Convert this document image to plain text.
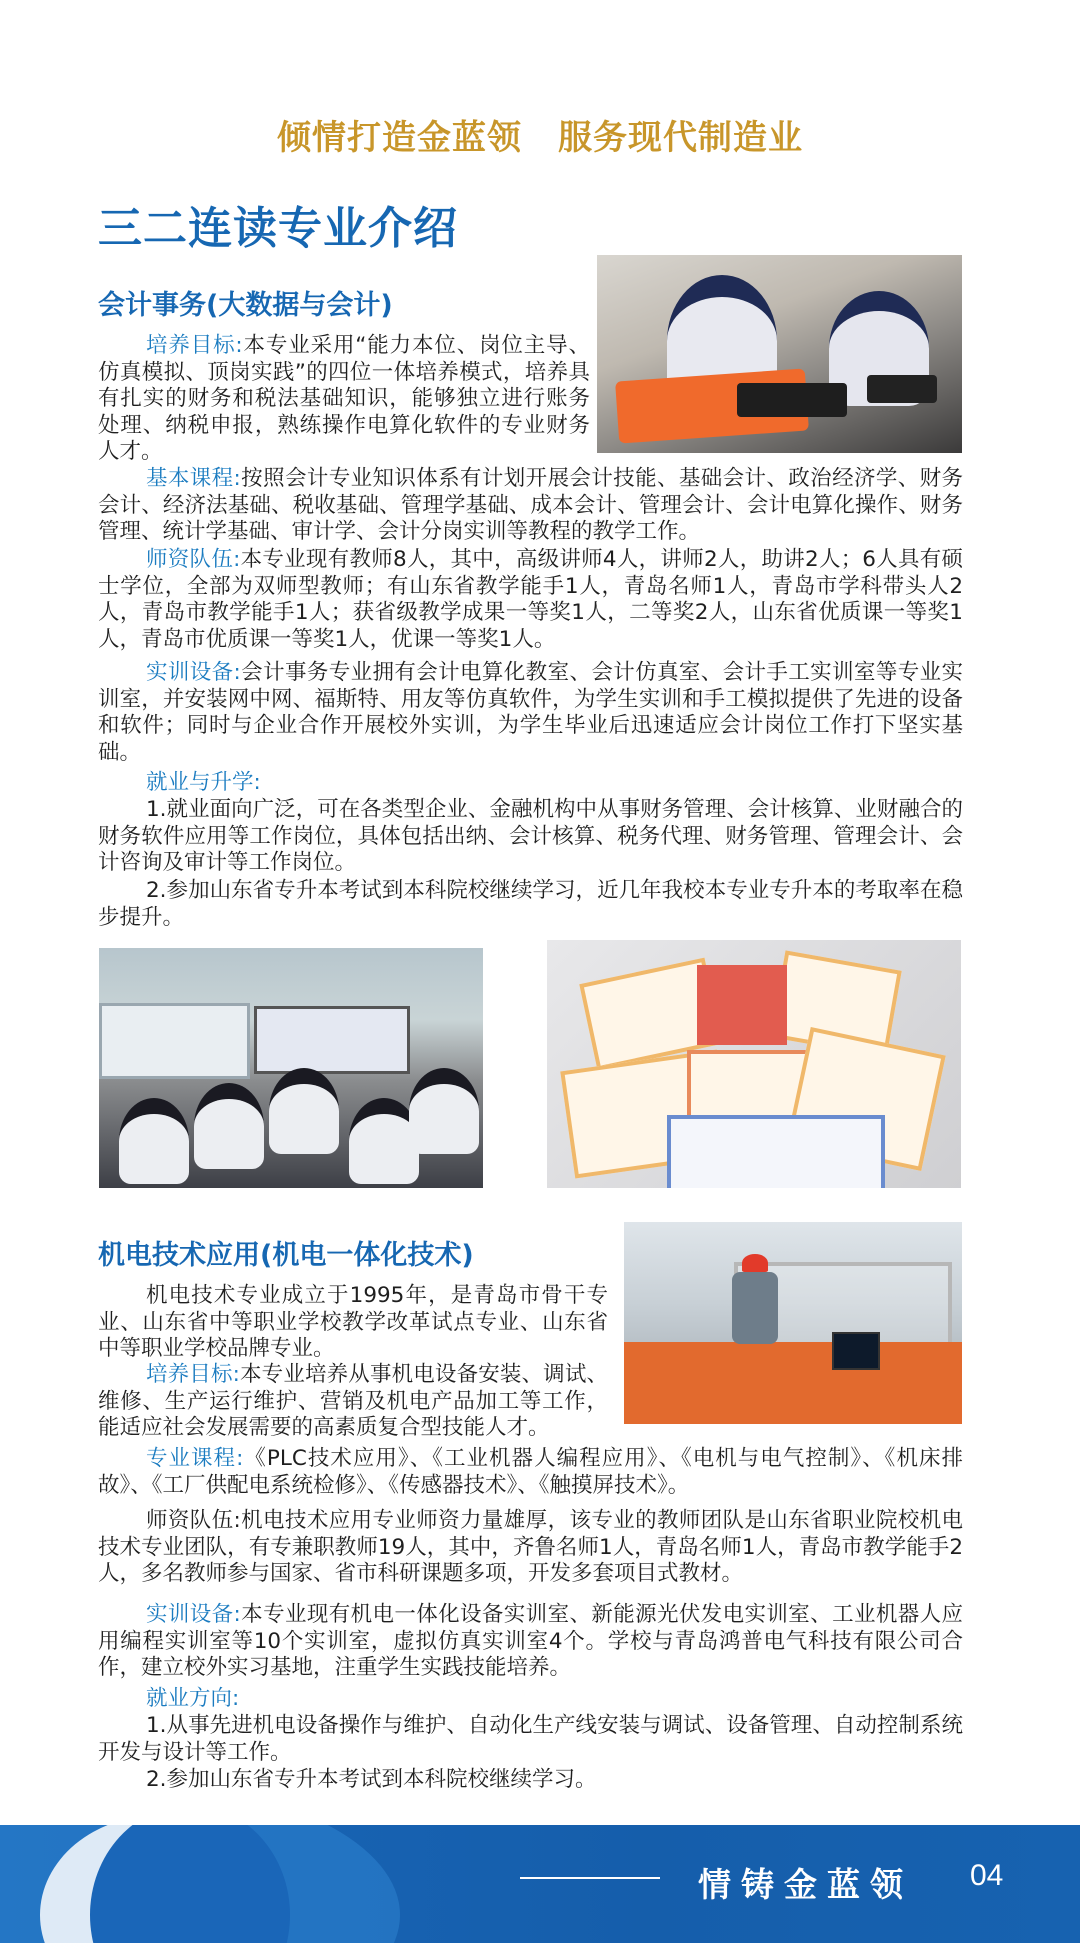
倾情打造金蓝领 服务现代制造业
三二连读专业介绍
会计事务(大数据与会计)

培养目标:本专业采用“能力本位、岗位主导、仿真模拟、顶岗实践”的四位一体培养模式，培养具有扎实的财务和税法基础知识，能够独立进行账务处理、纳税申报，熟练操作电算化软件的专业财务人才。

基本课程:按照会计专业知识体系有计划开展会计技能、基础会计、政治经济学、财务会计、经济法基础、税收基础、管理学基础、成本会计、管理会计、会计电算化操作、财务管理、统计学基础、审计学、会计分岗实训等教程的教学工作。

师资队伍:本专业现有教师8人，其中，高级讲师4人，讲师2人，助讲2人；6人具有硕士学位，全部为双师型教师；有山东省教学能手1人，青岛名师1人，青岛市学科带头人2人，青岛市教学能手1人；获省级教学成果一等奖1人，二等奖2人，山东省优质课一等奖1人，青岛市优质课一等奖1人，优课一等奖1人。

实训设备:会计事务专业拥有会计电算化教室、会计仿真室、会计手工实训室等专业实训室，并安装网中网、福斯特、用友等仿真软件，为学生实训和手工模拟提供了先进的设备和软件；同时与企业合作开展校外实训，为学生毕业后迅速适应会计岗位工作打下坚实基础。

就业与升学:

1.就业面向广泛，可在各类型企业、金融机构中从事财务管理、会计核算、业财融合的财务软件应用等工作岗位，具体包括出纳、会计核算、税务代理、财务管理、管理会计、会计咨询及审计等工作岗位。

2.参加山东省专升本考试到本科院校继续学习，近几年我校本专业专升本的考取率在稳步提升。

机电技术应用(机电一体化技术)

机电技术专业成立于1995年，是青岛市骨干专业、山东省中等职业学校教学改革试点专业、山东省中等职业学校品牌专业。

培养目标:本专业培养从事机电设备安装、调试、维修、生产运行维护、营销及机电产品加工等工作，能适应社会发展需要的高素质复合型技能人才。

专业课程:《PLC技术应用》、《工业机器人编程应用》、《电机与电气控制》、《机床排故》、《工厂供配电系统检修》、《传感器技术》、《触摸屏技术》。

师资队伍:机电技术应用专业师资力量雄厚，该专业的教师团队是山东省职业院校机电技术专业团队，有专兼职教师19人，其中，齐鲁名师1人，青岛名师1人，青岛市教学能手2人，多名教师参与国家、省市科研课题多项，开发多套项目式教材。

实训设备:本专业现有机电一体化设备实训室、新能源光伏发电实训室、工业机器人应用编程实训室等10个实训室，虚拟仿真实训室4个。学校与青岛鸿普电气科技有限公司合作，建立校外实习基地，注重学生实践技能培养。

就业方向:

1.从事先进机电设备操作与维护、自动化生产线安装与调试、设备管理、自动控制系统开发与设计等工作。

2.参加山东省专升本考试到本科院校继续学习。

情铸金蓝领 04
